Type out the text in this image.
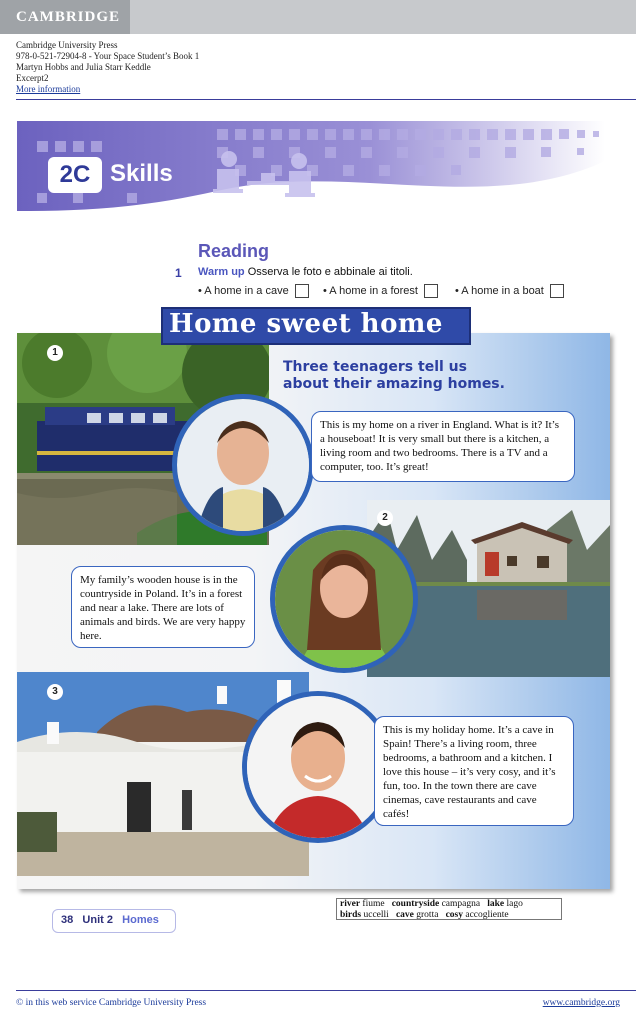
CAMBRIDGE
Cambridge University Press
978-0-521-72904-8 - Your Space Student’s Book 1
Martyn Hobbs and Julia Starr Keddle
Excerpt2
More information
2C Skills
Reading
1 Warm up Osserva le foto e abbinale ai titoli.
• A home in a cave	• A home in a forest	• A home in a boat
1
2
3
Three teenagers tell us about their amazing homes.
This is my home on a river in England. What is it? It’s a houseboat! It is very small but there is a kitchen, a living room and two bedrooms. There is a TV and a computer, too. It’s great!
My family’s wooden house is in the countryside in Poland. It’s in a forest and near a lake. There are lots of animals and birds. We are very happy here.
This is my holiday home. It’s a cave in Spain! There’s a living room, three bedrooms, a bathroom and a kitchen. I love this house – it’s very cosy, and it’s fun, too. In the town there are cave cinemas, cave restaurants and cave cafés!
Home sweet home
38 Unit 2 Homes
river fiume countryside campagna lake lago
birds uccelli cave grotta cosy accogliente
© in this web service Cambridge University Press	www.cambridge.org
